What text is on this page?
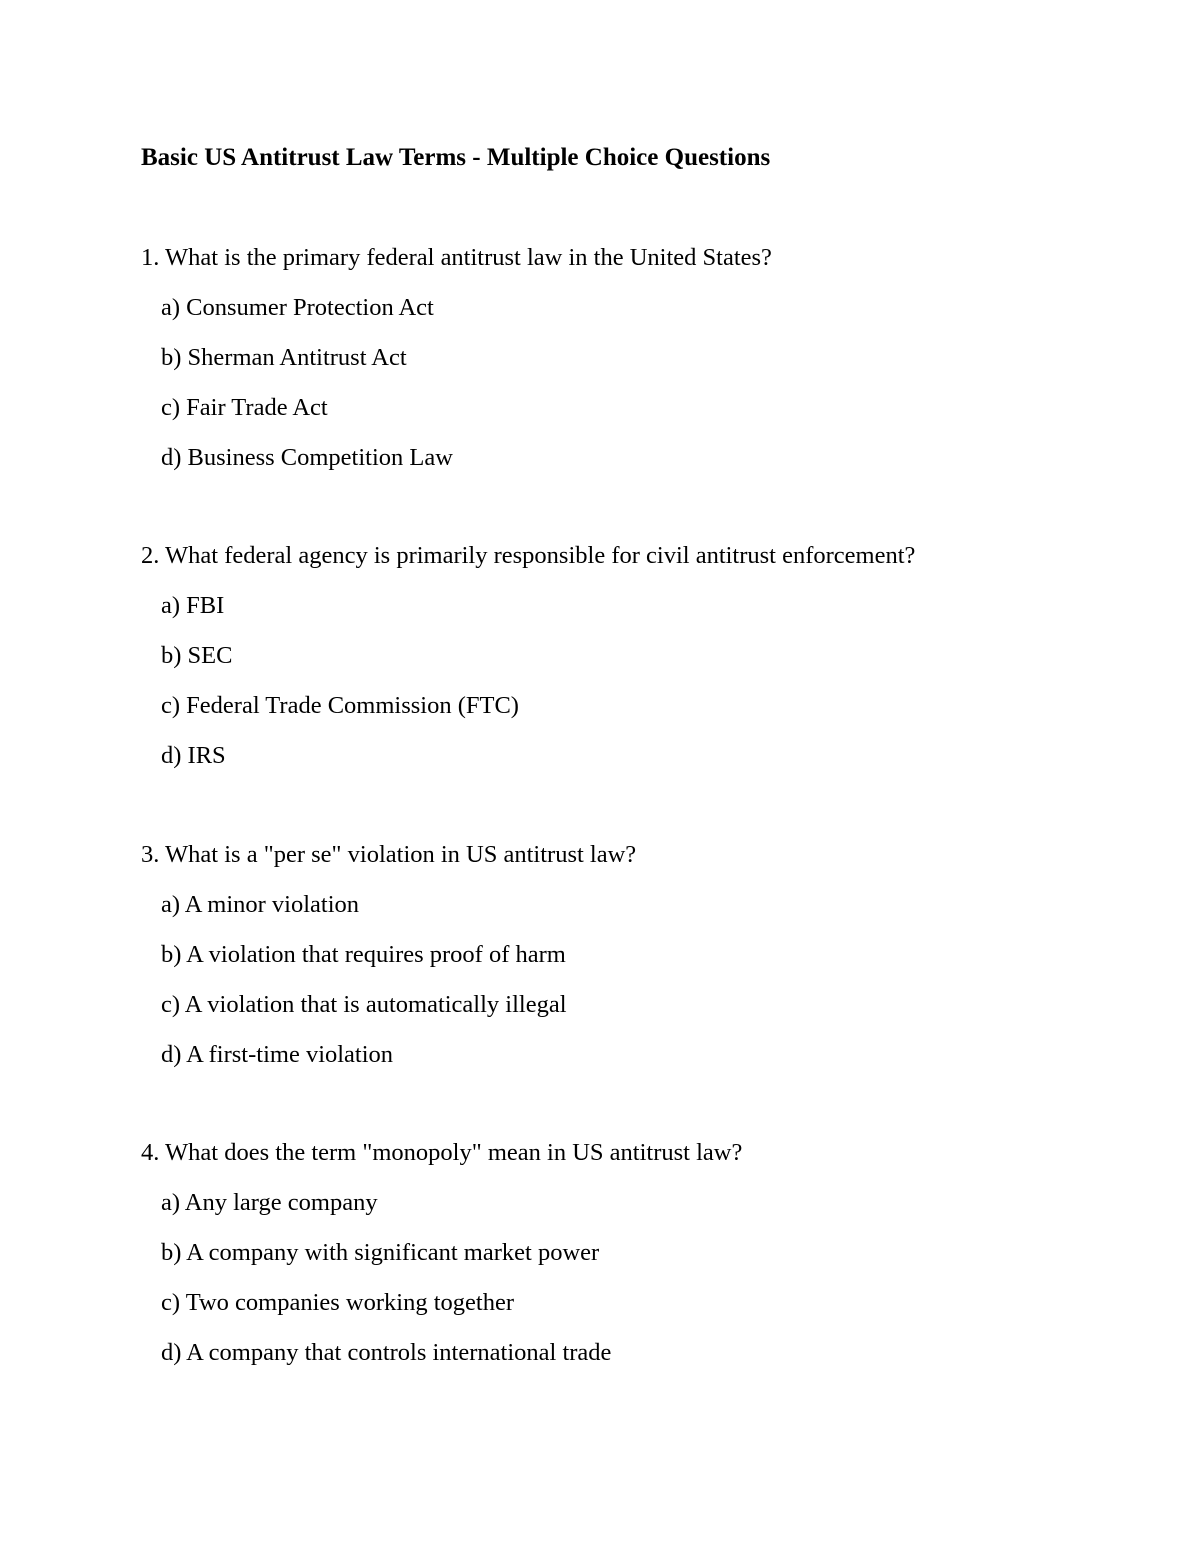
Basic US Antitrust Law Terms - Multiple Choice Questions
1. What is the primary federal antitrust law in the United States?
a) Consumer Protection Act
b) Sherman Antitrust Act
c) Fair Trade Act
d) Business Competition Law
2. What federal agency is primarily responsible for civil antitrust enforcement?
a) FBI
b) SEC
c) Federal Trade Commission (FTC)
d) IRS
3. What is a "per se" violation in US antitrust law?
a) A minor violation
b) A violation that requires proof of harm
c) A violation that is automatically illegal
d) A first-time violation
4. What does the term "monopoly" mean in US antitrust law?
a) Any large company
b) A company with significant market power
c) Two companies working together
d) A company that controls international trade
